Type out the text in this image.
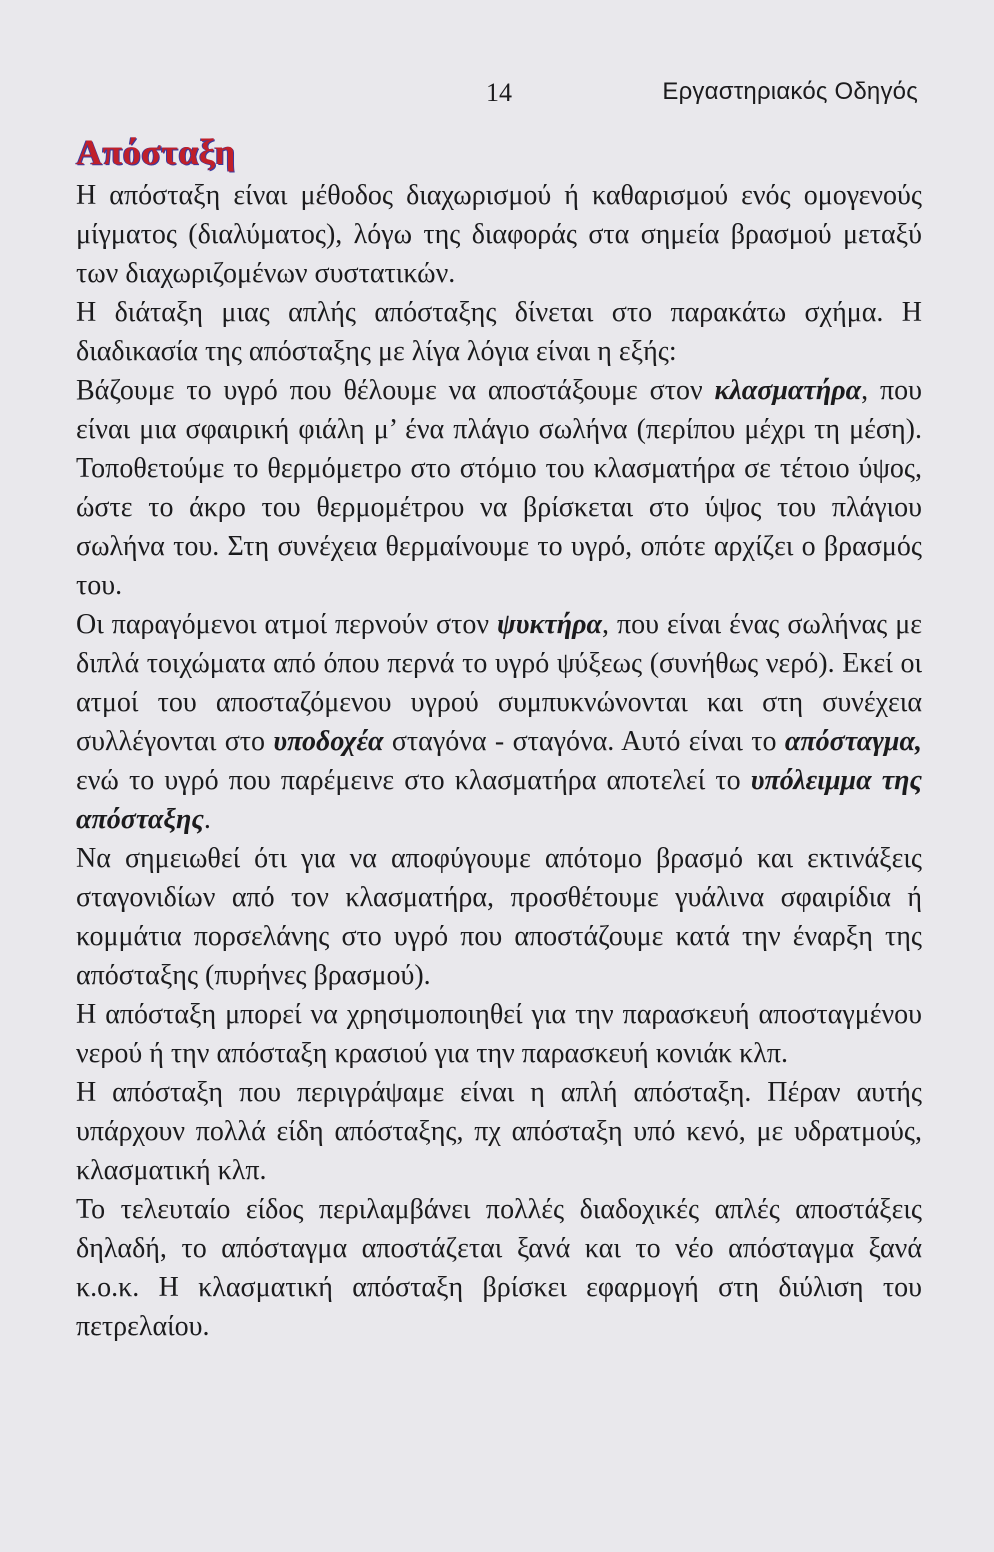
14	Εργαστηριακός Οδηγός
Απόσταξη

Η απόσταξη είναι μέθοδος διαχωρισμού ή καθαρισμού ενός ομογενούς μίγματος (διαλύματος), λόγω της διαφοράς στα σημεία βρασμού μεταξύ των διαχωριζομένων συστατικών.

Η διάταξη μιας απλής απόσταξης δίνεται στο παρακάτω σχήμα. Η διαδικασία της απόσταξης με λίγα λόγια είναι η εξής:

Βάζουμε το υγρό που θέλουμε να αποστάξουμε στον κλασματήρα, που είναι μια σφαιρική φιάλη μ’ ένα πλάγιο σωλήνα (περίπου μέχρι τη μέση). Τοποθετούμε το θερμόμετρο στο στόμιο του κλασματήρα σε τέτοιο ύψος, ώστε το άκρο του θερμομέτρου να βρίσκεται στο ύψος του πλάγιου σωλήνα του. Στη συνέχεια θερμαίνουμε το υγρό, οπότε αρχίζει ο βρασμός του.

Οι παραγόμενοι ατμοί περνούν στον ψυκτήρα, που είναι ένας σωλήνας με διπλά τοιχώματα από όπου περνά το υγρό ψύξεως (συνήθως νερό). Εκεί οι ατμοί του αποσταζόμενου υγρού συμπυκνώνονται και στη συνέχεια συλλέγονται στο υποδοχέα σταγόνα - σταγόνα. Αυτό είναι το απόσταγμα, ενώ το υγρό που παρέμεινε στο κλασματήρα αποτελεί το υπόλειμμα της απόσταξης.

Να σημειωθεί ότι για να αποφύγουμε απότομο βρασμό και εκτινάξεις σταγονιδίων από τον κλασματήρα, προσθέτουμε γυάλινα σφαιρίδια ή κομμάτια πορσελάνης στο υγρό που αποστάζουμε κατά την έναρξη της απόσταξης (πυρήνες βρασμού).

Η απόσταξη μπορεί να χρησιμοποιηθεί για την παρασκευή αποσταγμένου νερού ή την απόσταξη κρασιού για την παρασκευή κονιάκ κλπ.

Η απόσταξη που περιγράψαμε είναι η απλή απόσταξη. Πέραν αυτής υπάρχουν πολλά είδη απόσταξης, πχ απόσταξη υπό κενό, με υδρατμούς, κλασματική κλπ.

Το τελευταίο είδος περιλαμβάνει πολλές διαδοχικές απλές αποστάξεις δηλαδή, το απόσταγμα αποστάζεται ξανά και το νέο απόσταγμα ξανά κ.ο.κ. Η κλασματική απόσταξη βρίσκει εφαρμογή στη διύλιση του πετρελαίου.
